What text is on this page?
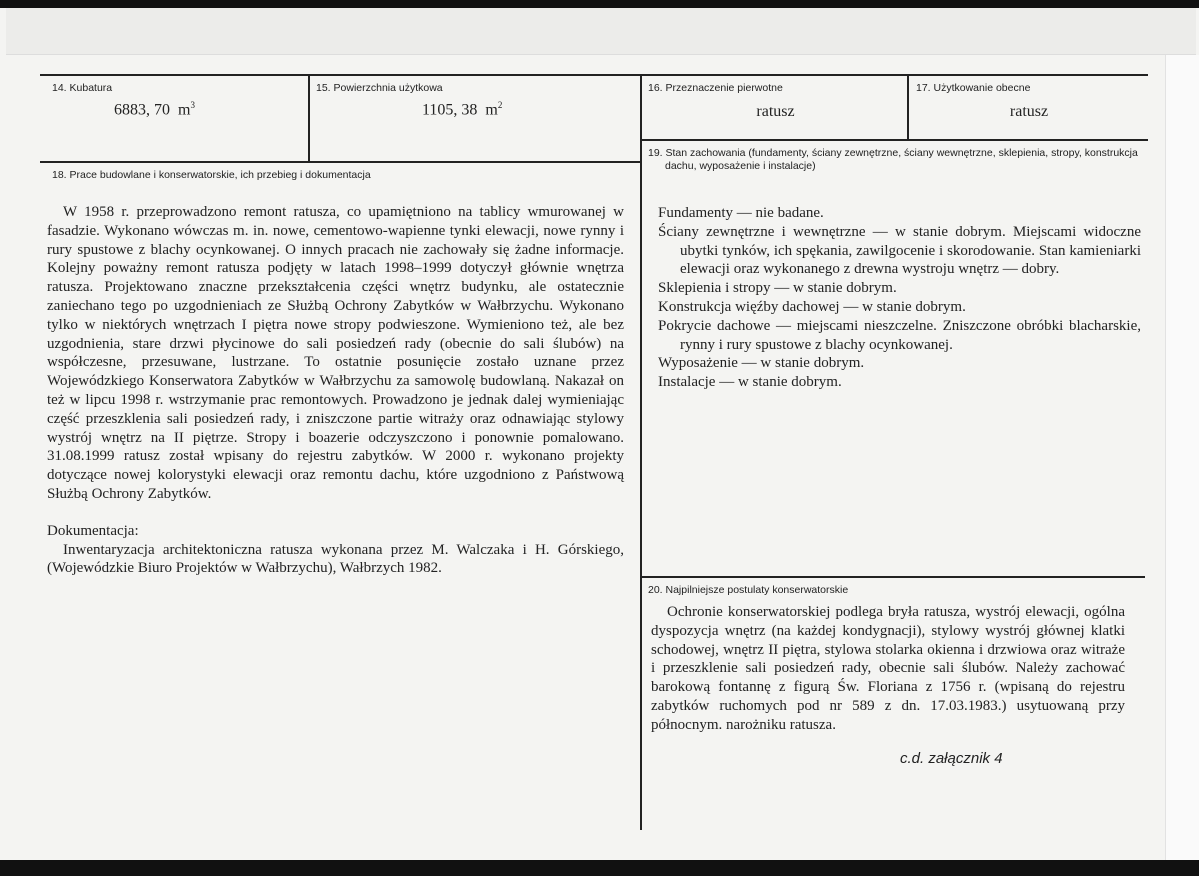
14. Kubatura
6883, 70 $m^3$
15. Powierzchnia użytkowa
1105, 38 $m^2$
16. Przeznaczenie pierwotne
ratusz
17. Użytkowanie obecne
ratusz
18. Prace budowlane i konserwatorskie, ich przebieg i dokumentacja

W 1958 r. przeprowadzono remont ratusza, co upamiętniono na tablicy wmurowanej w fasadzie. Wykonano wówczas m. in. nowe, cementowo-wapienne tynki elewacji, nowe rynny i rury spustowe z blachy ocynkowanej. O innych pracach nie zachowały się żadne informacje. Kolejny poważny remont ratusza podjęty w latach 1998–1999 dotyczył głównie wnętrza ratusza. Projektowano znaczne przekształcenia części wnętrz budynku, ale ostatecznie zaniechano tego po uzgodnieniach ze Służbą Ochrony Zabytków w Wałbrzychu. Wykonano tylko w niektórych wnętrzach I piętra nowe stropy podwieszone. Wymieniono też, ale bez uzgodnienia, stare drzwi płycinowe do sali posiedzeń rady (obecnie do sali ślubów) na współczesne, przesuwane, lustrzane. To ostatnie posunięcie zostało uznane przez Wojewódzkiego Konserwatora Zabytków w Wałbrzychu za samowolę budowlaną. Nakazał on też w lipcu 1998 r. wstrzymanie prac remontowych. Prowadzono je jednak dalej wymieniając część przeszklenia sali posiedzeń rady, i zniszczone partie witraży oraz odnawiając stylowy wystrój wnętrz na II piętrze. Stropy i boazerie odczyszczono i ponownie pomalowano. 31.08.1999 ratusz został wpisany do rejestru zabytków. W 2000 r. wykonano projekty dotyczące nowej kolorystyki elewacji oraz remontu dachu, które uzgodniono z Państwową Służbą Ochrony Zabytków.

Dokumentacja:

Inwentaryzacja architektoniczna ratusza wykonana przez M. Walczaka i H. Górskiego, (Wojewódzkie Biuro Projektów w Wałbrzychu), Wałbrzych 1982.

19. Stan zachowania (fundamenty, ściany zewnętrzne, ściany wewnętrzne, sklepienia, stropy, konstrukcja dachu, wyposażenie i instalacje)
Fundamenty — nie badane.
Ściany zewnętrzne i wewnętrzne — w stanie dobrym. Miejscami widoczne ubytki tynków, ich spękania, zawilgocenie i skorodowanie. Stan kamieniarki elewacji oraz wykonanego z drewna wystroju wnętrz — dobry.
Sklepienia i stropy — w stanie dobrym.
Konstrukcja więźby dachowej — w stanie dobrym.
Pokrycie dachowe — miejscami nieszczelne. Zniszczone obróbki blacharskie, rynny i rury spustowe z blachy ocynkowanej.
Wyposażenie — w stanie dobrym.
Instalacje — w stanie dobrym.
20. Najpilniejsze postulaty konserwatorskie

Ochronie konserwatorskiej podlega bryła ratusza, wystrój elewacji, ogólna dyspozycja wnętrz (na każdej kondygnacji), stylowy wystrój głównej klatki schodowej, wnętrz II piętra, stylowa stolarka okienna i drzwiowa oraz witraże i przeszklenie sali posiedzeń rady, obecnie sali ślubów. Należy zachować barokową fontannę z figurą Św. Floriana z 1756 r. (wpisaną do rejestru zabytków ruchomych pod nr 589 z dn. 17.03.1983.) usytuowaną przy północnym. narożniku ratusza.

c.d. załącznik 4
